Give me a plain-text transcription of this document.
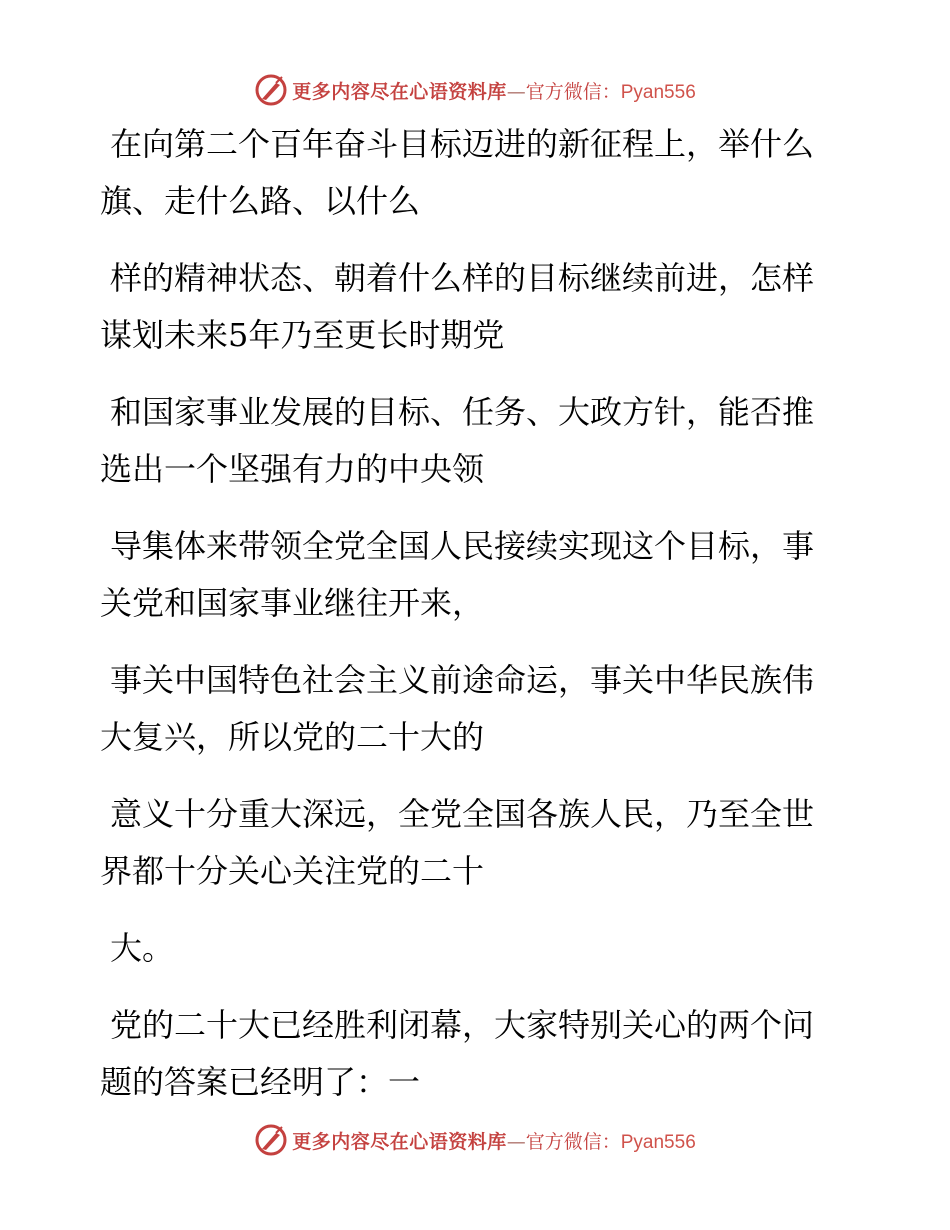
更多内容尽在心语资料库— 官方微信：Pyan556

在向第二个百年奋斗目标迈进的新征程上，举什么旗、走什么路、以什么

样的精神状态、朝着什么样的目标继续前进，怎样谋划未来5年乃至更长时期党

和国家事业发展的目标、任务、大政方针，能否推选出一个坚强有力的中央领

导集体来带领全党全国人民接续实现这个目标，事关党和国家事业继往开来，

事关中国特色社会主义前途命运，事关中华民族伟大复兴，所以党的二十大的

意义十分重大深远，全党全国各族人民，乃至全世界都十分关心关注党的二十

大。

党的二十大已经胜利闭幕，大家特别关心的两个问题的答案已经明了：一

更多内容尽在心语资料库— 官方微信：Pyan556
